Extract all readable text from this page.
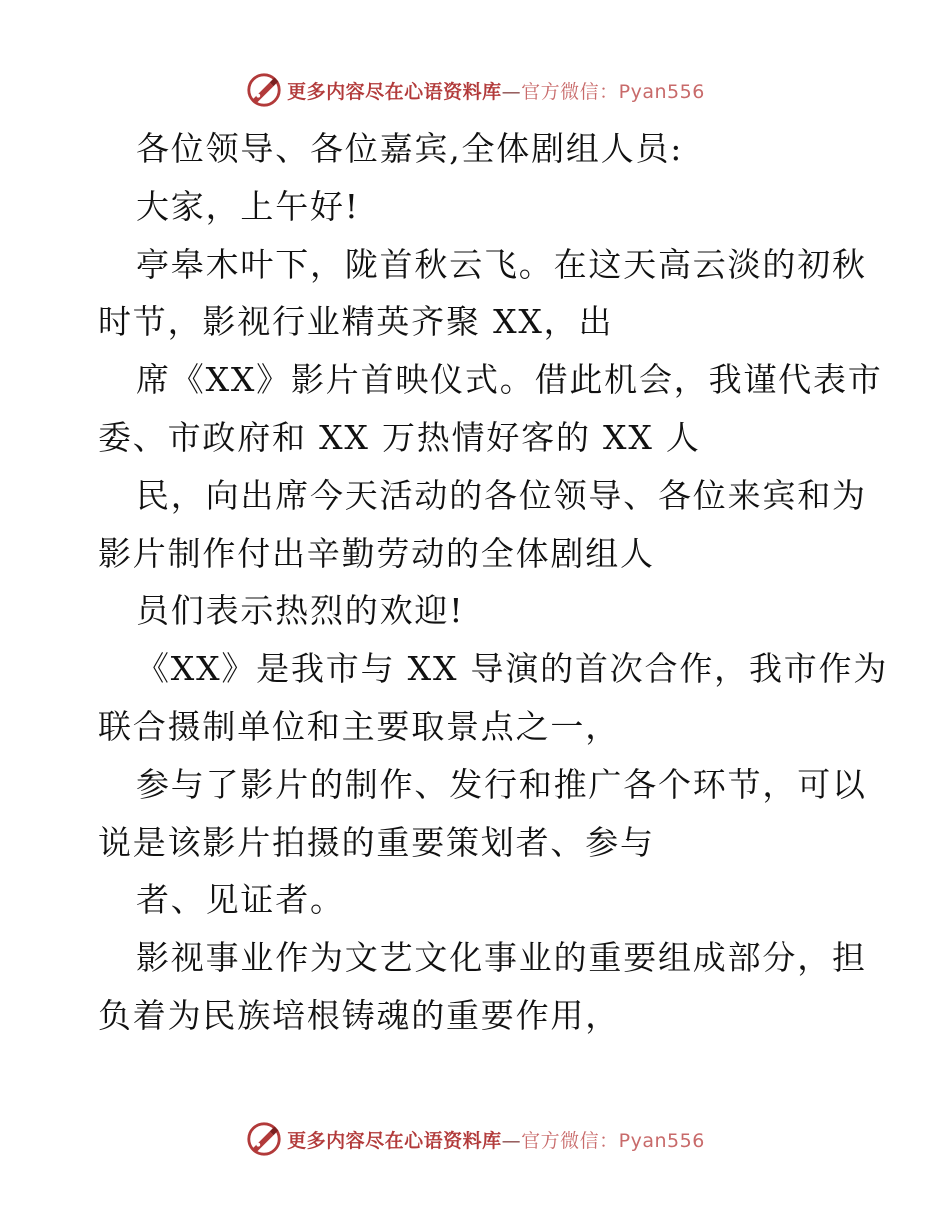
更多内容尽在心语资料库—官方微信：Pyan556
各位领导、各位嘉宾,全体剧组人员:
大家，上午好!
亭皋木叶下，陇首秋云飞。在这天高云淡的初秋
时节，影视行业精英齐聚 XX，出
席《XX》影片首映仪式。借此机会，我谨代表市
委、市政府和 XX 万热情好客的 XX 人
民，向出席今天活动的各位领导、各位来宾和为
影片制作付出辛勤劳动的全体剧组人
员们表示热烈的欢迎!
《XX》是我市与 XX 导演的首次合作，我市作为
联合摄制单位和主要取景点之一，
参与了影片的制作、发行和推广各个环节，可以
说是该影片拍摄的重要策划者、参与
者、见证者。
影视事业作为文艺文化事业的重要组成部分，担
负着为民族培根铸魂的重要作用，
更多内容尽在心语资料库—官方微信：Pyan556
